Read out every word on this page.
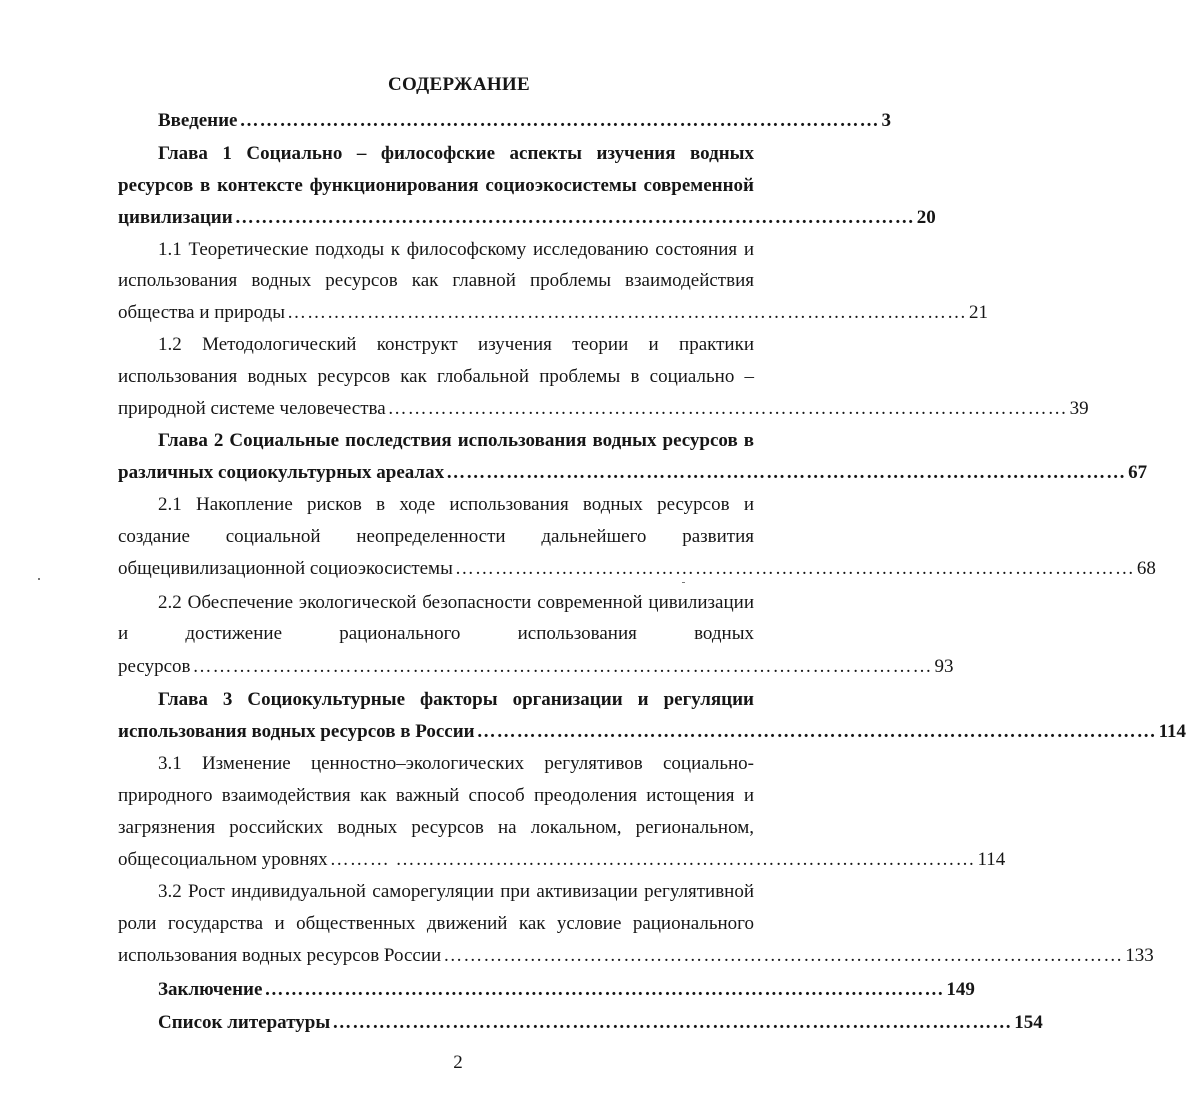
СОДЕРЖАНИЕ
Введение …………………………………………………………………………………… 3
Глава 1 Социально – философские аспекты изучения водных
ресурсов в контексте функционирования социоэкосистемы современной
цивилизации ………………………………………………………………………………………… 20
1.1 Теоретические подходы к философскому исследованию состояния и
использования водных ресурсов как главной проблемы взаимодействия
общества и природы ………………………………………………………………………………………… 21
1.2 Методологический конструкт изучения теории и практики
использования водных ресурсов как глобальной проблемы в социально –
природной системе человечества ………………………………………………………………………………………… 39
Глава 2 Социальные последствия использования водных ресурсов в
различных социокультурных ареалах ………………………………………………………………………………………… 67
2.1 Накопление рисков в ходе использования водных ресурсов и
создание социальной неопределенности дальнейшего развития
общецивилизационной социоэкосистемы ………………………………………………………………………………………… 68
2.2 Обеспечение экологической безопасности современной цивилизации
и достижение рационального использования водных
ресурсов ………………………………………………………………………………………………… 93
Глава 3 Социокультурные факторы организации и регуляции
использования водных ресурсов в России ………………………………………………………………………………………… 114
3.1 Изменение ценностно–экологических регулятивов социально-
природного взаимодействия как важный способ преодоления истощения и
загрязнения российских водных ресурсов на локальном, региональном,
общесоциальном уровнях ……… …………………………………………………………………………… 114
3.2 Рост индивидуальной саморегуляции при активизации регулятивной
роли государства и общественных движений как условие рационального
использования водных ресурсов России ………………………………………………………………………………………… 133
Заключение ………………………………………………………………………………………… 149
Список литературы ………………………………………………………………………………………… 154
2
